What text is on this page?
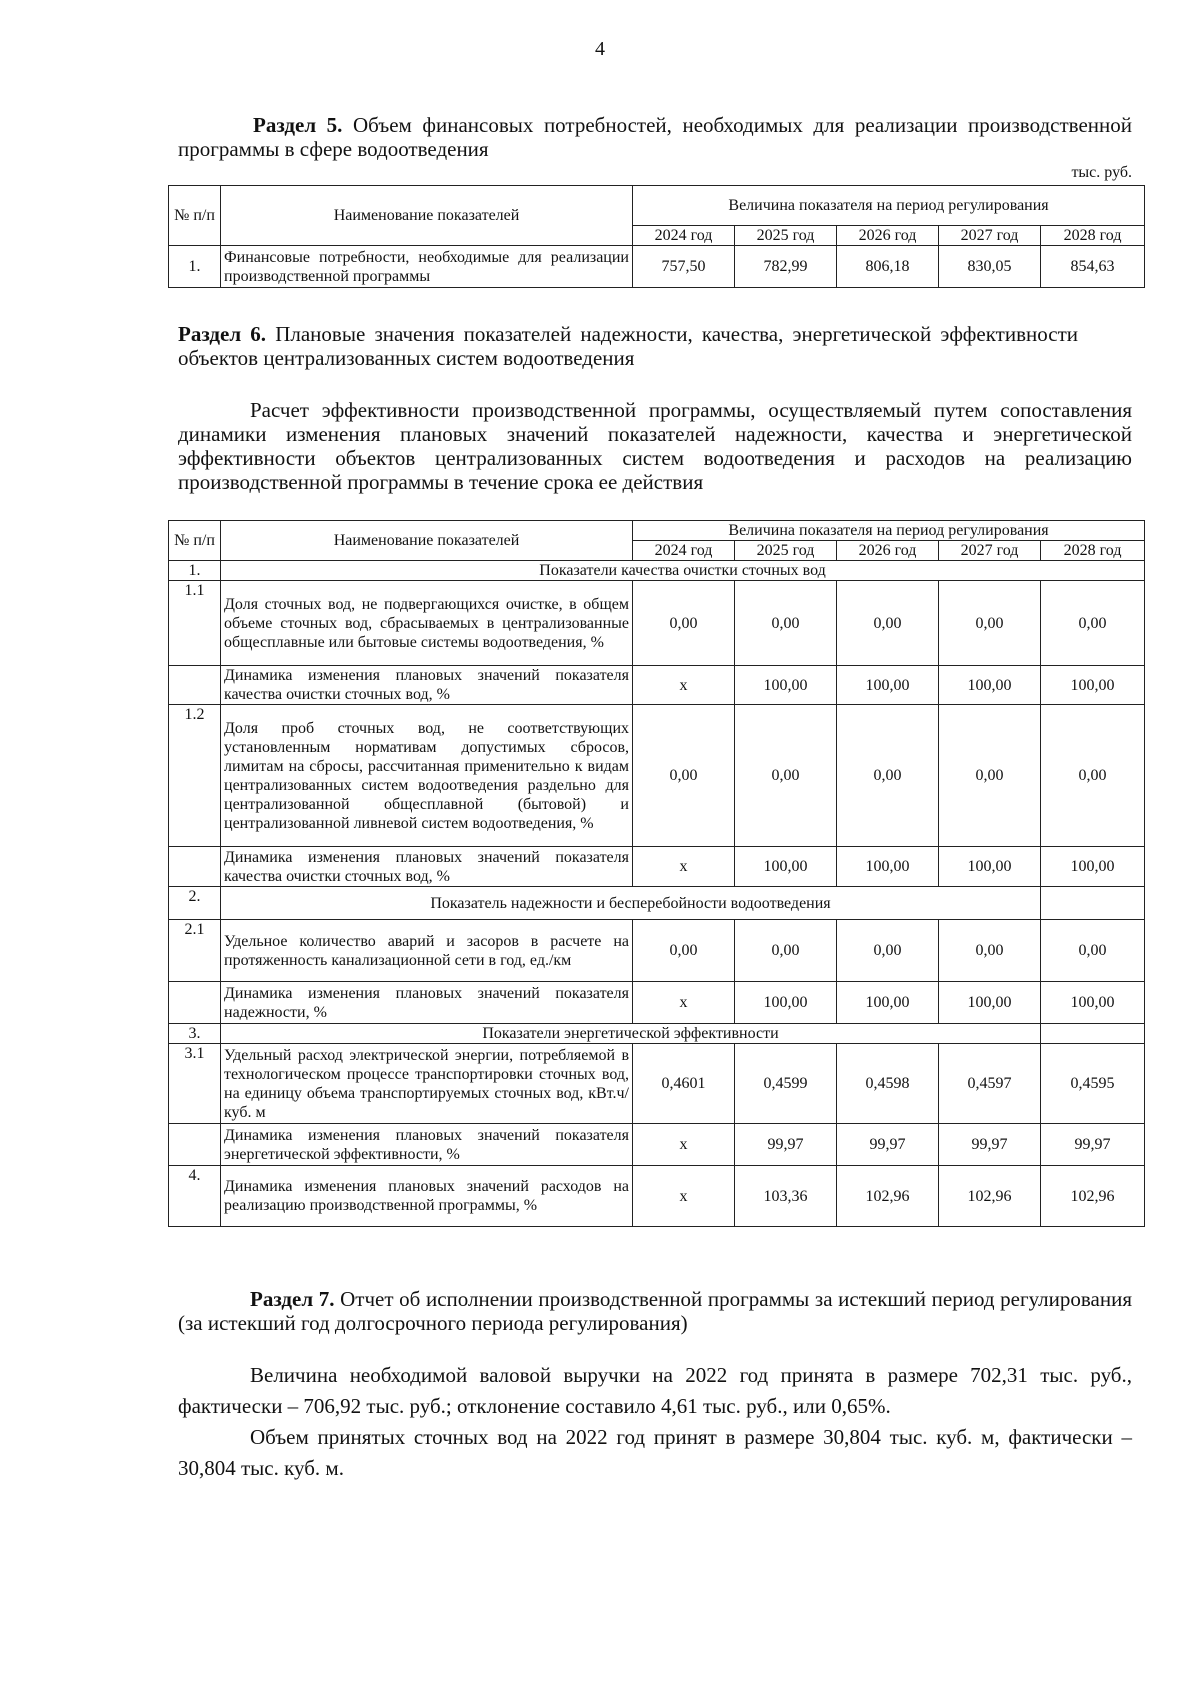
4
Раздел 5. Объем финансовых потребностей, необходимых для реализации производственной программы в сфере водоотведения
тыс. руб.
№ п/п	Наименование показателей	Величина показателя на период регулирования				
		2024 год	2025 год	2026 год	2027 год	2028 год
1.	Финансовые потребности, необходимые для реализации производственной программы	757,50	782,99	806,18	830,05	854,63
Раздел 6. Плановые значения показателей надежности, качества, энергетической эффективности объектов централизованных систем водоотведения
Расчет эффективности производственной программы, осуществляемый путем сопоставления динамики изменения плановых значений показателей надежности, качества и энергетической эффективности объектов централизованных систем водоотведения и расходов на реализацию производственной программы в течение срока ее действия
№ п/п	Наименование показателей	Величина показателя на период регулирования				
		2024 год	2025 год	2026 год	2027 год	2028 год
1.	Показатели качества очистки сточных вод					
1.1	Доля сточных вод, не подвергающихся очистке, в общем объеме сточных вод, сбрасываемых в централизованные общесплавные или бытовые системы водоотведения, %	0,00	0,00	0,00	0,00	0,00
	Динамика изменения плановых значений показателя качества очистки сточных вод, %	х	100,00	100,00	100,00	100,00
1.2	Доля проб сточных вод, не соответствующих установленным нормативам допустимых сбросов, лимитам на сбросы, рассчитанная применительно к видам централизованных систем водоотведения раздельно для централизованной общесплавной (бытовой) и централизованной ливневой систем водоотведения, %	0,00	0,00	0,00	0,00	0,00
	Динамика изменения плановых значений показателя качества очистки сточных вод, %	х	100,00	100,00	100,00	100,00
2.	Показатель надежности и бесперебойности водоотведения					
2.1	Удельное количество аварий и засоров в расчете на протяженность канализационной сети в год, ед./км	0,00	0,00	0,00	0,00	0,00
	Динамика изменения плановых значений показателя надежности, %	х	100,00	100,00	100,00	100,00
3.	Показатели энергетической эффективности					
3.1	Удельный расход электрической энергии, потребляемой в технологическом процессе транспортировки сточных вод, на единицу объема транспортируемых сточных вод, кВт.ч/куб. м	0,4601	0,4599	0,4598	0,4597	0,4595
	Динамика изменения плановых значений показателя энергетической эффективности, %	х	99,97	99,97	99,97	99,97
4.	Динамика изменения плановых значений расходов на реализацию производственной программы, %	х	103,36	102,96	102,96	102,96
Раздел 7. Отчет об исполнении производственной программы за истекший период регулирования (за истекший год долгосрочного периода регулирования)
Величина необходимой валовой выручки на 2022 год принята в размере 702,31 тыс. руб., фактически – 706,92 тыс. руб.; отклонение составило 4,61 тыс. руб., или 0,65%.
Объем принятых сточных вод на 2022 год принят в размере 30,804 тыс. куб. м, фактически – 30,804 тыс. куб. м.
